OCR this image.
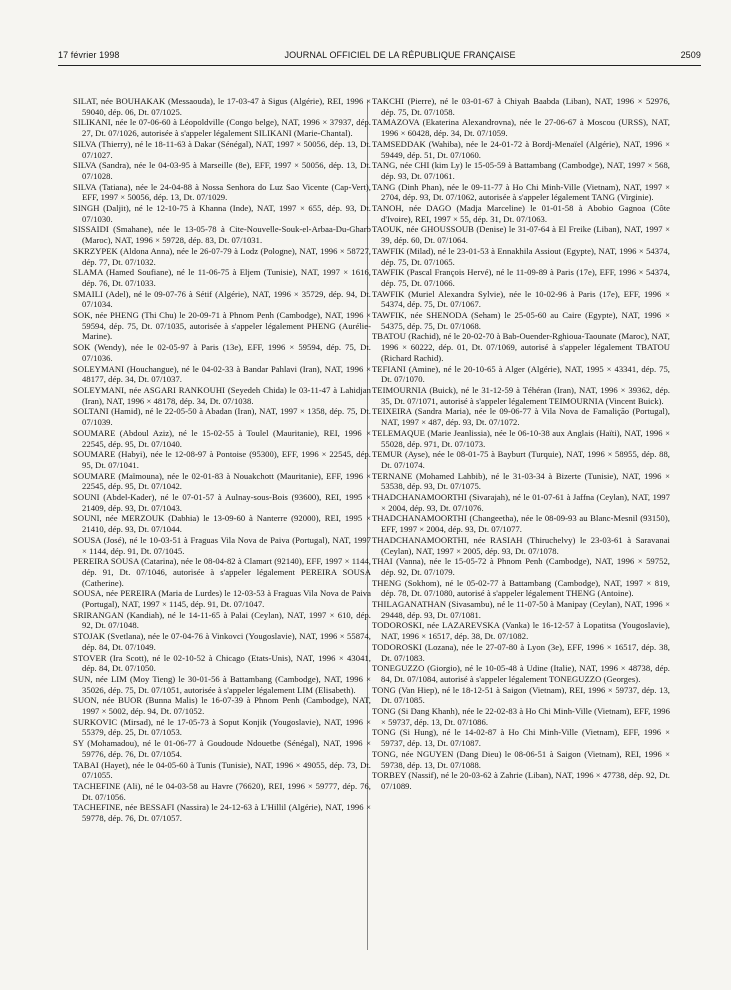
17 février 1998	JOURNAL OFFICIEL DE LA RÉPUBLIQUE FRANÇAISE	2509

SILAT, née BOUHAKAK (Messaouda), le 17-03-47 à Sigus (Algérie), REI, 1996 × 59040, dép. 06, Dt. 07/1025.

SILIKANI, née le 07-06-60 à Léopoldville (Congo belge), NAT, 1996 × 37937, dép. 27, Dt. 07/1026, autorisée à s'appeler légalement SILIKANI (Marie-Chantal).

SILVA (Thierry), né le 18-11-63 à Dakar (Sénégal), NAT, 1997 × 50056, dép. 13, Dt. 07/1027.

SILVA (Sandra), née le 04-03-95 à Marseille (8e), EFF, 1997 × 50056, dép. 13, Dt. 07/1028.

SILVA (Tatiana), née le 24-04-88 à Nossa Senhora do Luz Sao Vicente (Cap-Vert), EFF, 1997 × 50056, dép. 13, Dt. 07/1029.

SINGH (Daljit), né le 12-10-75 à Khanna (Inde), NAT, 1997 × 655, dép. 93, Dt. 07/1030.

SISSAIDI (Smahane), née le 13-05-78 à Cite-Nouvelle-Souk-el-Arbaa-Du-Gharb (Maroc), NAT, 1996 × 59728, dép. 83, Dt. 07/1031.

SKRZYPEK (Aldona Anna), née le 26-07-79 à Lodz (Pologne), NAT, 1996 × 58727, dép. 77, Dt. 07/1032.

SLAMA (Hamed Soufiane), né le 11-06-75 à Eljem (Tunisie), NAT, 1997 × 1616, dép. 76, Dt. 07/1033.

SMAILI (Adel), né le 09-07-76 à Sétif (Algérie), NAT, 1996 × 35729, dép. 94, Dt. 07/1034.

SOK, née PHENG (Thi Chu) le 20-09-71 à Phnom Penh (Cambodge), NAT, 1996 × 59594, dép. 75, Dt. 07/1035, autorisée à s'appeler légalement PHENG (Aurélie-Marine).

SOK (Wendy), née le 02-05-97 à Paris (13e), EFF, 1996 × 59594, dép. 75, Dt. 07/1036.

SOLEYMANI (Houchangue), né le 04-02-33 à Bandar Pahlavi (Iran), NAT, 1996 × 48177, dép. 34, Dt. 07/1037.

SOLEYMANI, née ASGARI RANKOUHI (Seyedeh Chida) le 03-11-47 à Lahidjan (Iran), NAT, 1996 × 48178, dép. 34, Dt. 07/1038.

SOLTANI (Hamid), né le 22-05-50 à Abadan (Iran), NAT, 1997 × 1358, dép. 75, Dt. 07/1039.

SOUMARE (Abdoul Aziz), né le 15-02-55 à Toulel (Mauritanie), REI, 1996 × 22545, dép. 95, Dt. 07/1040.

SOUMARE (Habyi), née le 12-08-97 à Pontoise (95300), EFF, 1996 × 22545, dép. 95, Dt. 07/1041.

SOUMARE (Maïmouna), née le 02-01-83 à Nouakchott (Mauritanie), EFF, 1996 × 22545, dép. 95, Dt. 07/1042.

SOUNI (Abdel-Kader), né le 07-01-57 à Aulnay-sous-Bois (93600), REI, 1995 × 21409, dép. 93, Dt. 07/1043.

SOUNI, née MERZOUK (Dabhia) le 13-09-60 à Nanterre (92000), REI, 1995 × 21410, dép. 93, Dt. 07/1044.

SOUSA (José), né le 10-03-51 à Fraguas Vila Nova de Paiva (Portugal), NAT, 1997 × 1144, dép. 91, Dt. 07/1045.

PEREIRA SOUSA (Catarina), née le 08-04-82 à Clamart (92140), EFF, 1997 × 1144, dép. 91, Dt. 07/1046, autorisée à s'appeler légalement PEREIRA SOUSA (Catherine).

SOUSA, née PEREIRA (Maria de Lurdes) le 12-03-53 à Fraguas Vila Nova de Paiva (Portugal), NAT, 1997 × 1145, dép. 91, Dt. 07/1047.

SRIRANGAN (Kandiah), né le 14-11-65 à Palai (Ceylan), NAT, 1997 × 610, dép. 92, Dt. 07/1048.

STOJAK (Svetlana), née le 07-04-76 à Vinkovci (Yougoslavie), NAT, 1996 × 55874, dép. 84, Dt. 07/1049.

STOVER (Ira Scott), né le 02-10-52 à Chicago (Etats-Unis), NAT, 1996 × 43041, dép. 84, Dt. 07/1050.

SUN, née LIM (Moy Tieng) le 30-01-56 à Battambang (Cambodge), NAT, 1996 × 35026, dép. 75, Dt. 07/1051, autorisée à s'appeler légalement LIM (Elisabeth).

SUON, née BUOR (Bunna Malis) le 16-07-39 à Phnom Penh (Cambodge), NAT, 1997 × 5002, dép. 94, Dt. 07/1052.

SURKOVIC (Mirsad), né le 17-05-73 à Soput Konjik (Yougoslavie), NAT, 1996 × 55379, dép. 25, Dt. 07/1053.

SY (Mohamadou), né le 01-06-77 à Goudoude Ndouetbe (Sénégal), NAT, 1996 × 59776, dép. 76, Dt. 07/1054.

TABAI (Hayet), née le 04-05-60 à Tunis (Tunisie), NAT, 1996 × 49055, dép. 73, Dt. 07/1055.

TACHEFINE (Ali), né le 04-03-58 au Havre (76620), REI, 1996 × 59777, dép. 76, Dt. 07/1056.

TACHEFINE, née BESSAFI (Nassira) le 24-12-63 à L'Hillil (Algérie), NAT, 1996 × 59778, dép. 76, Dt. 07/1057.

TAKCHI (Pierre), né le 03-01-67 à Chiyah Baabda (Liban), NAT, 1996 × 52976, dép. 75, Dt. 07/1058.

TAMAZOVA (Ekaterina Alexandrovna), née le 27-06-67 à Moscou (URSS), NAT, 1996 × 60428, dép. 34, Dt. 07/1059.

TAMSEDDAK (Wahiba), née le 24-01-72 à Bordj-Menaïel (Algérie), NAT, 1996 × 59449, dép. 51, Dt. 07/1060.

TANG, née CHI (kim Ly) le 15-05-59 à Battambang (Cambodge), NAT, 1997 × 568, dép. 93, Dt. 07/1061.

TANG (Dinh Phan), née le 09-11-77 à Ho Chi Minh-Ville (Vietnam), NAT, 1997 × 2704, dép. 93, Dt. 07/1062, autorisée à s'appeler légalement TANG (Virginie).

TANOH, née DAGO (Madja Marceline) le 01-01-58 à Abobio Gagnoa (Côte d'Ivoire), REI, 1997 × 55, dép. 31, Dt. 07/1063.

TAOUK, née GHOUSSOUB (Denise) le 31-07-64 à El Freike (Liban), NAT, 1997 × 39, dép. 60, Dt. 07/1064.

TAWFIK (Milad), né le 23-01-53 à Ennakhila Assiout (Egypte), NAT, 1996 × 54374, dép. 75, Dt. 07/1065.

TAWFIK (Pascal François Hervé), né le 11-09-89 à Paris (17e), EFF, 1996 × 54374, dép. 75, Dt. 07/1066.

TAWFIK (Muriel Alexandra Sylvie), née le 10-02-96 à Paris (17e), EFF, 1996 × 54374, dép. 75, Dt. 07/1067.

TAWFIK, née SHENODA (Seham) le 25-05-60 au Caire (Egypte), NAT, 1996 × 54375, dép. 75, Dt. 07/1068.

TBATOU (Rachid), né le 20-02-70 à Bab-Ouender-Rghioua-Taounate (Maroc), NAT, 1996 × 60222, dép. 01, Dt. 07/1069, autorisé à s'appeler légalement TBATOU (Richard Rachid).

TEFIANI (Amine), né le 20-10-65 à Alger (Algérie), NAT, 1995 × 43341, dép. 75, Dt. 07/1070.

TEIMOURNIA (Buick), né le 31-12-59 à Téhéran (Iran), NAT, 1996 × 39362, dép. 35, Dt. 07/1071, autorisé à s'appeler légalement TEIMOURNIA (Vincent Buick).

TEIXEIRA (Sandra Maria), née le 09-06-77 à Vila Nova de Famalição (Portugal), NAT, 1997 × 487, dép. 93, Dt. 07/1072.

TELEMAQUE (Marie Jeanlissia), née le 06-10-38 aux Anglais (Haïti), NAT, 1996 × 55028, dép. 971, Dt. 07/1073.

TEMUR (Ayse), née le 08-01-75 à Bayburt (Turquie), NAT, 1996 × 58955, dép. 88, Dt. 07/1074.

TERNANE (Mohamed Lahbib), né le 31-03-34 à Bizerte (Tunisie), NAT, 1996 × 53538, dép. 93, Dt. 07/1075.

THADCHANAMOORTHI (Sivarajah), né le 01-07-61 à Jaffna (Ceylan), NAT, 1997 × 2004, dép. 93, Dt. 07/1076.

THADCHANAMOORTHI (Changeetha), née le 08-09-93 au Blanc-Mesnil (93150), EFF, 1997 × 2004, dép. 93, Dt. 07/1077.

THADCHANAMOORTHI, née RASIAH (Thiruchelvy) le 23-03-61 à Saravanai (Ceylan), NAT, 1997 × 2005, dép. 93, Dt. 07/1078.

THAI (Vanna), née le 15-05-72 à Phnom Penh (Cambodge), NAT, 1996 × 59752, dép. 92, Dt. 07/1079.

THENG (Sokhom), né le 05-02-77 à Battambang (Cambodge), NAT, 1997 × 819, dép. 78, Dt. 07/1080, autorisé à s'appeler légalement THENG (Antoine).

THILAGANATHAN (Sivasambu), né le 11-07-50 à Manipay (Ceylan), NAT, 1996 × 29448, dép. 93, Dt. 07/1081.

TODOROSKI, née LAZAREVSKA (Vanka) le 16-12-57 à Lopatitsa (Yougoslavie), NAT, 1996 × 16517, dép. 38, Dt. 07/1082.

TODOROSKI (Lozana), née le 27-07-80 à Lyon (3e), EFF, 1996 × 16517, dép. 38, Dt. 07/1083.

TONEGUZZO (Giorgio), né le 10-05-48 à Udine (Italie), NAT, 1996 × 48738, dép. 84, Dt. 07/1084, autorisé à s'appeler légalement TONEGUZZO (Georges).

TONG (Van Hiep), né le 18-12-51 à Saigon (Vietnam), REI, 1996 × 59737, dép. 13, Dt. 07/1085.

TONG (Si Dang Khanh), née le 22-02-83 à Ho Chi Minh-Ville (Vietnam), EFF, 1996 × 59737, dép. 13, Dt. 07/1086.

TONG (Si Hung), né le 14-02-87 à Ho Chi Minh-Ville (Vietnam), EFF, 1996 × 59737, dép. 13, Dt. 07/1087.

TONG, née NGUYEN (Dang Dieu) le 08-06-51 à Saigon (Vietnam), REI, 1996 × 59738, dép. 13, Dt. 07/1088.

TORBEY (Nassif), né le 20-03-62 à Zahrie (Liban), NAT, 1996 × 47738, dép. 92, Dt. 07/1089.
